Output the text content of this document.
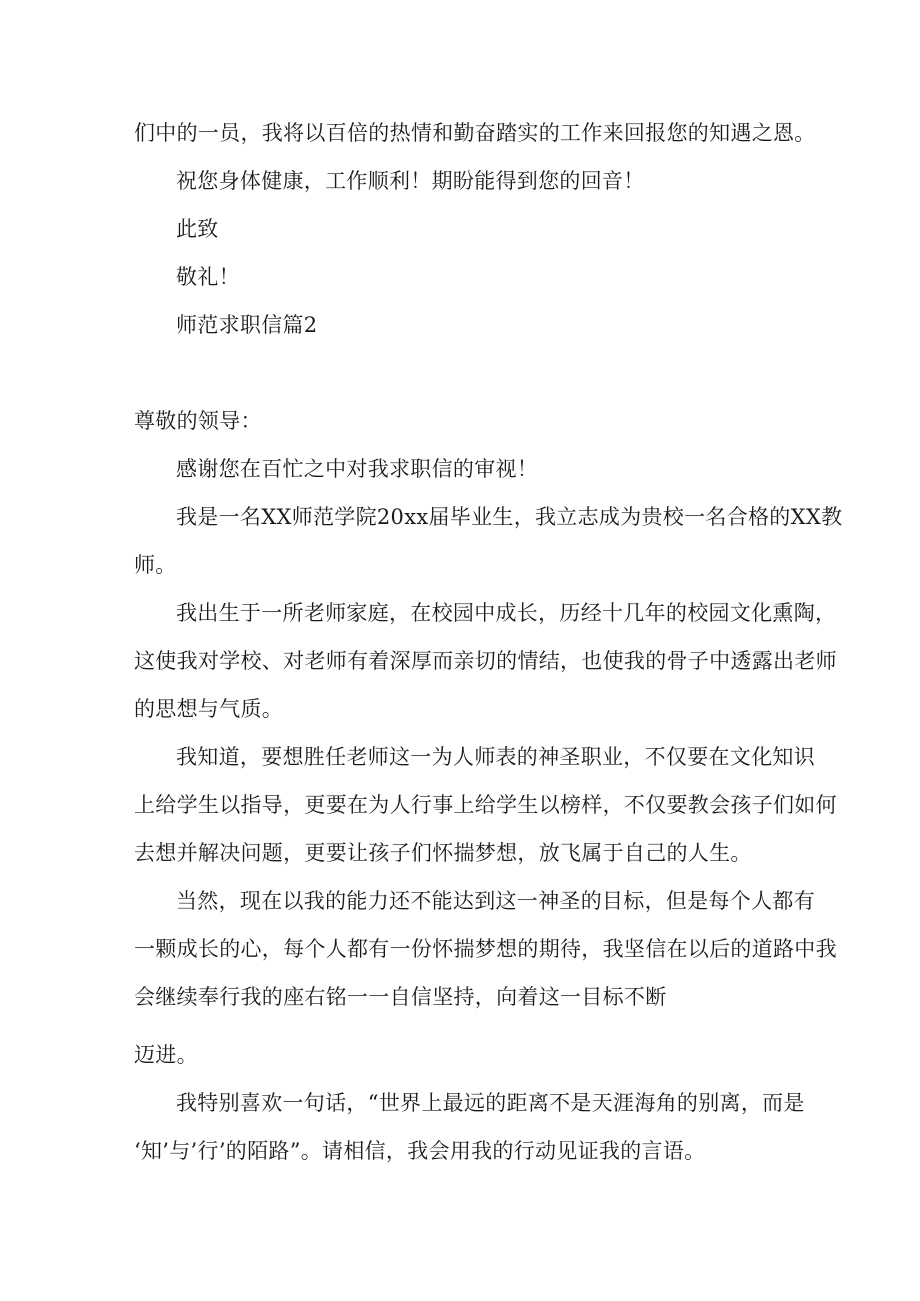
们中的一员，我将以百倍的热情和勤奋踏实的工作来回报您的知遇之恩。
祝您身体健康，工作顺利！期盼能得到您的回音！
此致
敬礼！
师范求职信篇2
尊敬的领导：
感谢您在百忙之中对我求职信的审视！
我是一名XX师范学院20xx届毕业生，我立志成为贵校一名合格的XX教
师。
我出生于一所老师家庭，在校园中成长，历经十几年的校园文化熏陶，
这使我对学校、对老师有着深厚而亲切的情结，也使我的骨子中透露出老师
的思想与气质。
我知道，要想胜任老师这一为人师表的神圣职业，不仅要在文化知识
上给学生以指导，更要在为人行事上给学生以榜样，不仅要教会孩子们如何
去想并解决问题，更要让孩子们怀揣梦想，放飞属于自己的人生。
当然，现在以我的能力还不能达到这一神圣的目标，但是每个人都有
一颗成长的心，每个人都有一份怀揣梦想的期待，我坚信在以后的道路中我
会继续奉行我的座右铭一一自信坚持，向着这一目标不断
迈进。
我特别喜欢一句话，“世界上最远的距离不是天涯海角的别离，而是
‘知’与’行’的陌路”。请相信，我会用我的行动见证我的言语。
